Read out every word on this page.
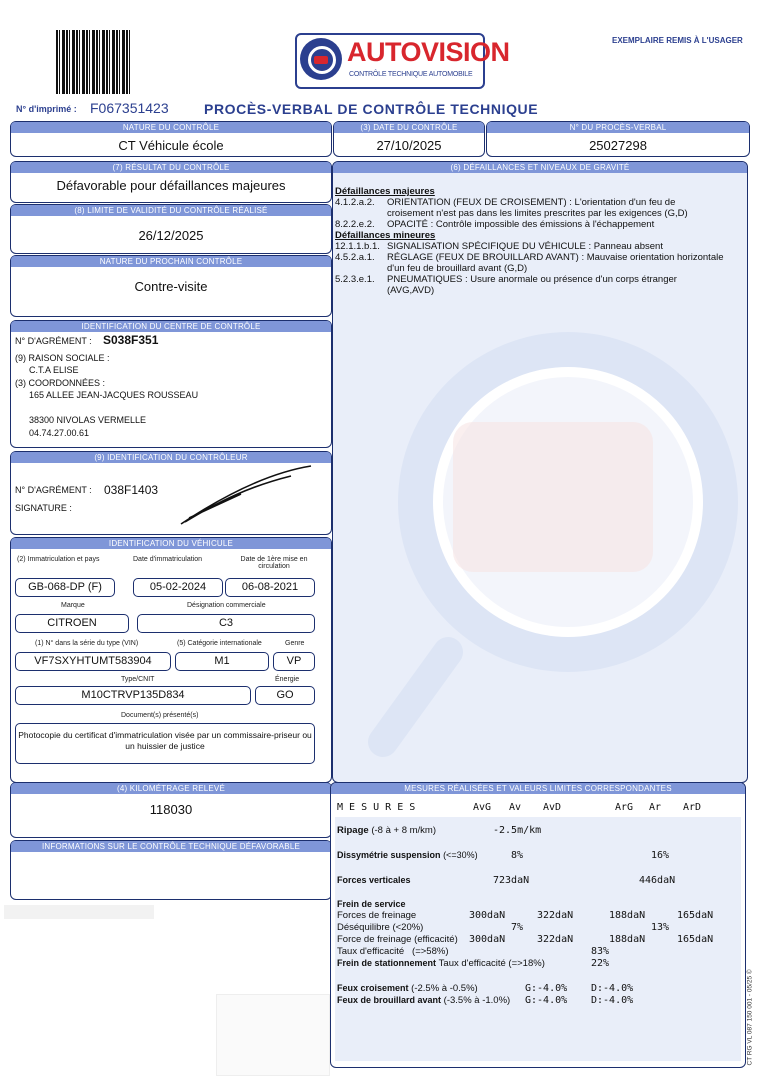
AUTOVISION
CONTRÔLE TECHNIQUE AUTOMOBILE
EXEMPLAIRE REMIS À L'USAGER
N° d'imprimé : F067351423	PROCÈS-VERBAL DE CONTRÔLE TECHNIQUE
NATURE DU CONTRÔLE
CT Véhicule école
(3) DATE DU CONTRÔLE
27/10/2025
N° DU PROCÈS-VERBAL
25027298
(7) RÉSULTAT DU CONTRÔLE
Défavorable pour défaillances majeures
(8) LIMITE DE VALIDITÉ DU CONTRÔLE RÉALISÉ
26/12/2025
NATURE DU PROCHAIN CONTRÔLE
Contre-visite
IDENTIFICATION DU CENTRE DE CONTRÔLE
N° D'AGRÉMENT : S038F351
(9) RAISON SOCIALE :
C.T.A ELISE
(3) COORDONNÉES :
165 ALLEE JEAN-JACQUES ROUSSEAU
38300 NIVOLAS VERMELLE
04.74.27.00.61
(9) IDENTIFICATION DU CONTRÔLEUR
N° D'AGRÉMENT : 038F1403
SIGNATURE :
IDENTIFICATION DU VÉHICULE
(2) Immatriculation et pays	Date d'immatriculation	Date de 1ère mise en circulation
GB-068-DP (F)	05-02-2024	06-08-2021
Marque	Désignation commerciale
CITROEN	C3
(1) N° dans la série du type (VIN)	(5) Catégorie internationale	Genre
VF7SXYHTUMT583904	M1	VP
Type/CNIT	Énergie
M10CTRVP135D834	GO
Document(s) présenté(s)
Photocopie du certificat d'immatriculation visée par un commissaire-priseur ou un huissier de justice
(4) KILOMÉTRAGE RELEVÉ
118030
INFORMATIONS SUR LE CONTRÔLE TECHNIQUE DÉFAVORABLE
(6) DÉFAILLANCES ET NIVEAUX DE GRAVITÉ
Défaillances majeures
4.1.2.a.2.	ORIENTATION (FEUX DE CROISEMENT) : L'orientation d'un feu de
croisement n'est pas dans les limites prescrites par les exigences (G,D)
8.2.2.e.2.	OPACITÉ : Contrôle impossible des émissions à l'échappement
Défaillances mineures
12.1.1.b.1. SIGNALISATION SPÉCIFIQUE DU VÉHICULE : Panneau absent
4.5.2.a.1.	RÉGLAGE (FEUX DE BROUILLARD AVANT) : Mauvaise orientation horizontale
d'un feu de brouillard avant (G,D)
5.2.3.e.1.	PNEUMATIQUES : Usure anormale ou présence d'un corps étranger
(AVG,AVD)
MESURES RÉALISÉES ET VALEURS LIMITES CORRESPONDANTES
M E S U R E S	AvG Av AvD	ArG Ar ArD
Ripage (-8 à + 8 m/km)	-2.5m/km
Dissymétrie suspension (<=30%)	8%	16%
Forces verticales	723daN	446daN
Frein de service
Forces de freinage	300daN	322daN	188daN	165daN
Déséquilibre (<20%)	7%	13%
Force de freinage (efficacité) 300daN	322daN	188daN	165daN
Taux d'efficacité (=>58%)	83%
Frein de stationnement Taux d'efficacité (=>18%)	22%
Feux croisement (-2.5% à -0.5%)	G:-4.0% D:-4.0%
Feux de brouillard avant (-3.5% à -1.0%) G:-4.0% D:-4.0%	CT RG VL 087 150 001 - 05/25 ©
